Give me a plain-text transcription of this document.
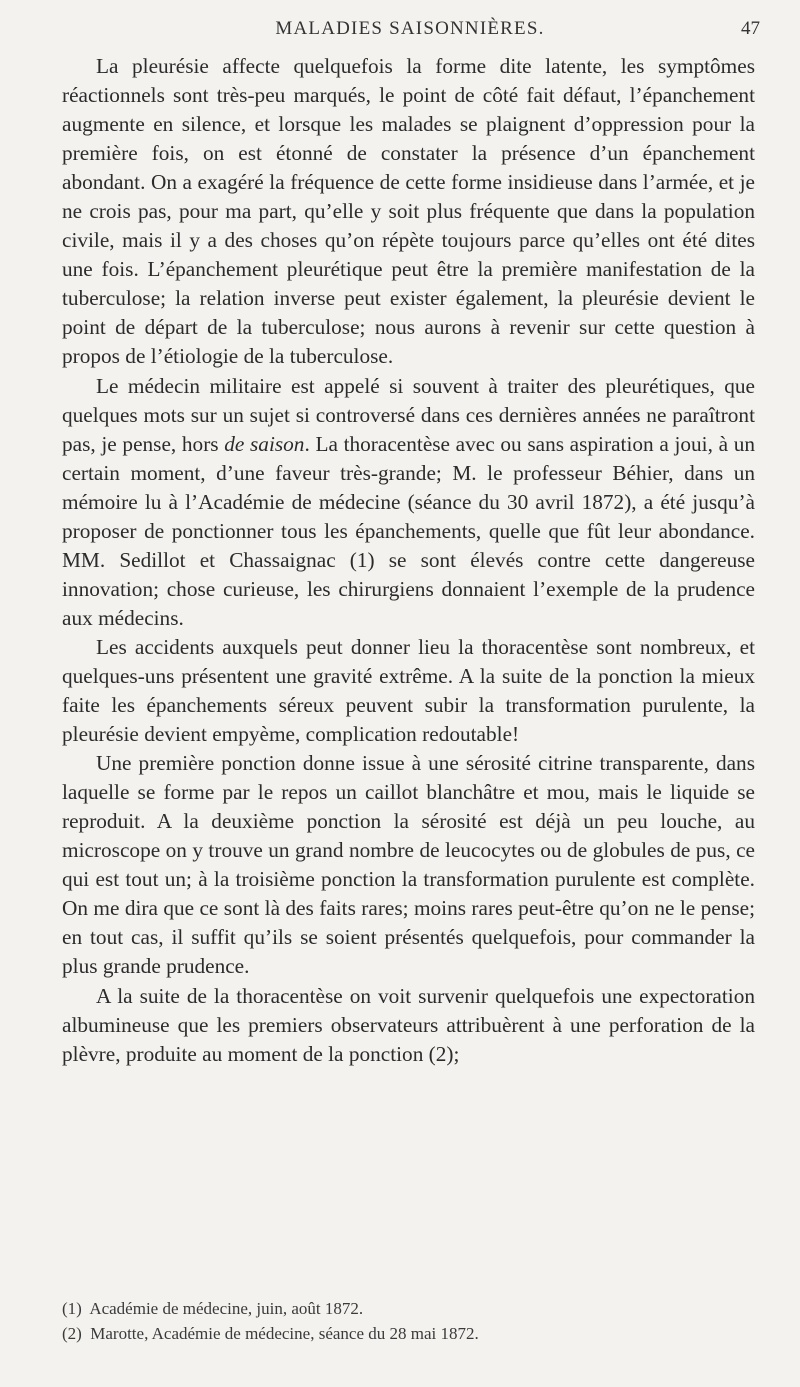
MALADIES SAISONNIÈRES.	47

La pleurésie affecte quelquefois la forme dite latente, les symptômes réactionnels sont très-peu marqués, le point de côté fait défaut, l’épanchement augmente en silence, et lorsque les malades se plaignent d’oppression pour la première fois, on est étonné de constater la présence d’un épanchement abondant. On a exagéré la fréquence de cette forme insidieuse dans l’armée, et je ne crois pas, pour ma part, qu’elle y soit plus fréquente que dans la population civile, mais il y a des choses qu’on répète toujours parce qu’elles ont été dites une fois. L’épanchement pleurétique peut être la première manifestation de la tuberculose; la relation inverse peut exister également, la pleurésie devient le point de départ de la tuberculose; nous aurons à revenir sur cette question à propos de l’étiologie de la tuberculose.

Le médecin militaire est appelé si souvent à traiter des pleurétiques, que quelques mots sur un sujet si controversé dans ces dernières années ne paraîtront pas, je pense, hors de saison. La thoracentèse avec ou sans aspiration a joui, à un certain moment, d’une faveur très-grande; M. le professeur Béhier, dans un mémoire lu à l’Académie de médecine (séance du 30 avril 1872), a été jusqu’à proposer de ponctionner tous les épanchements, quelle que fût leur abondance. MM. Sedillot et Chassaignac (1) se sont élevés contre cette dangereuse innovation; chose curieuse, les chirurgiens donnaient l’exemple de la prudence aux médecins.

Les accidents auxquels peut donner lieu la thoracentèse sont nombreux, et quelques-uns présentent une gravité extrême. A la suite de la ponction la mieux faite les épanchements séreux peuvent subir la transformation purulente, la pleurésie devient empyème, complication redoutable!

Une première ponction donne issue à une sérosité citrine transparente, dans laquelle se forme par le repos un caillot blanchâtre et mou, mais le liquide se reproduit. A la deuxième ponction la sérosité est déjà un peu louche, au microscope on y trouve un grand nombre de leucocytes ou de globules de pus, ce qui est tout un; à la troisième ponction la transformation purulente est complète. On me dira que ce sont là des faits rares; moins rares peut-être qu’on ne le pense; en tout cas, il suffit qu’ils se soient présentés quelquefois, pour commander la plus grande prudence.

A la suite de la thoracentèse on voit survenir quelquefois une expectoration albumineuse que les premiers observateurs attribuèrent à une perforation de la plèvre, produite au moment de la ponction (2);

(1) Académie de médecine, juin, août 1872.

(2) Marotte, Académie de médecine, séance du 28 mai 1872.
